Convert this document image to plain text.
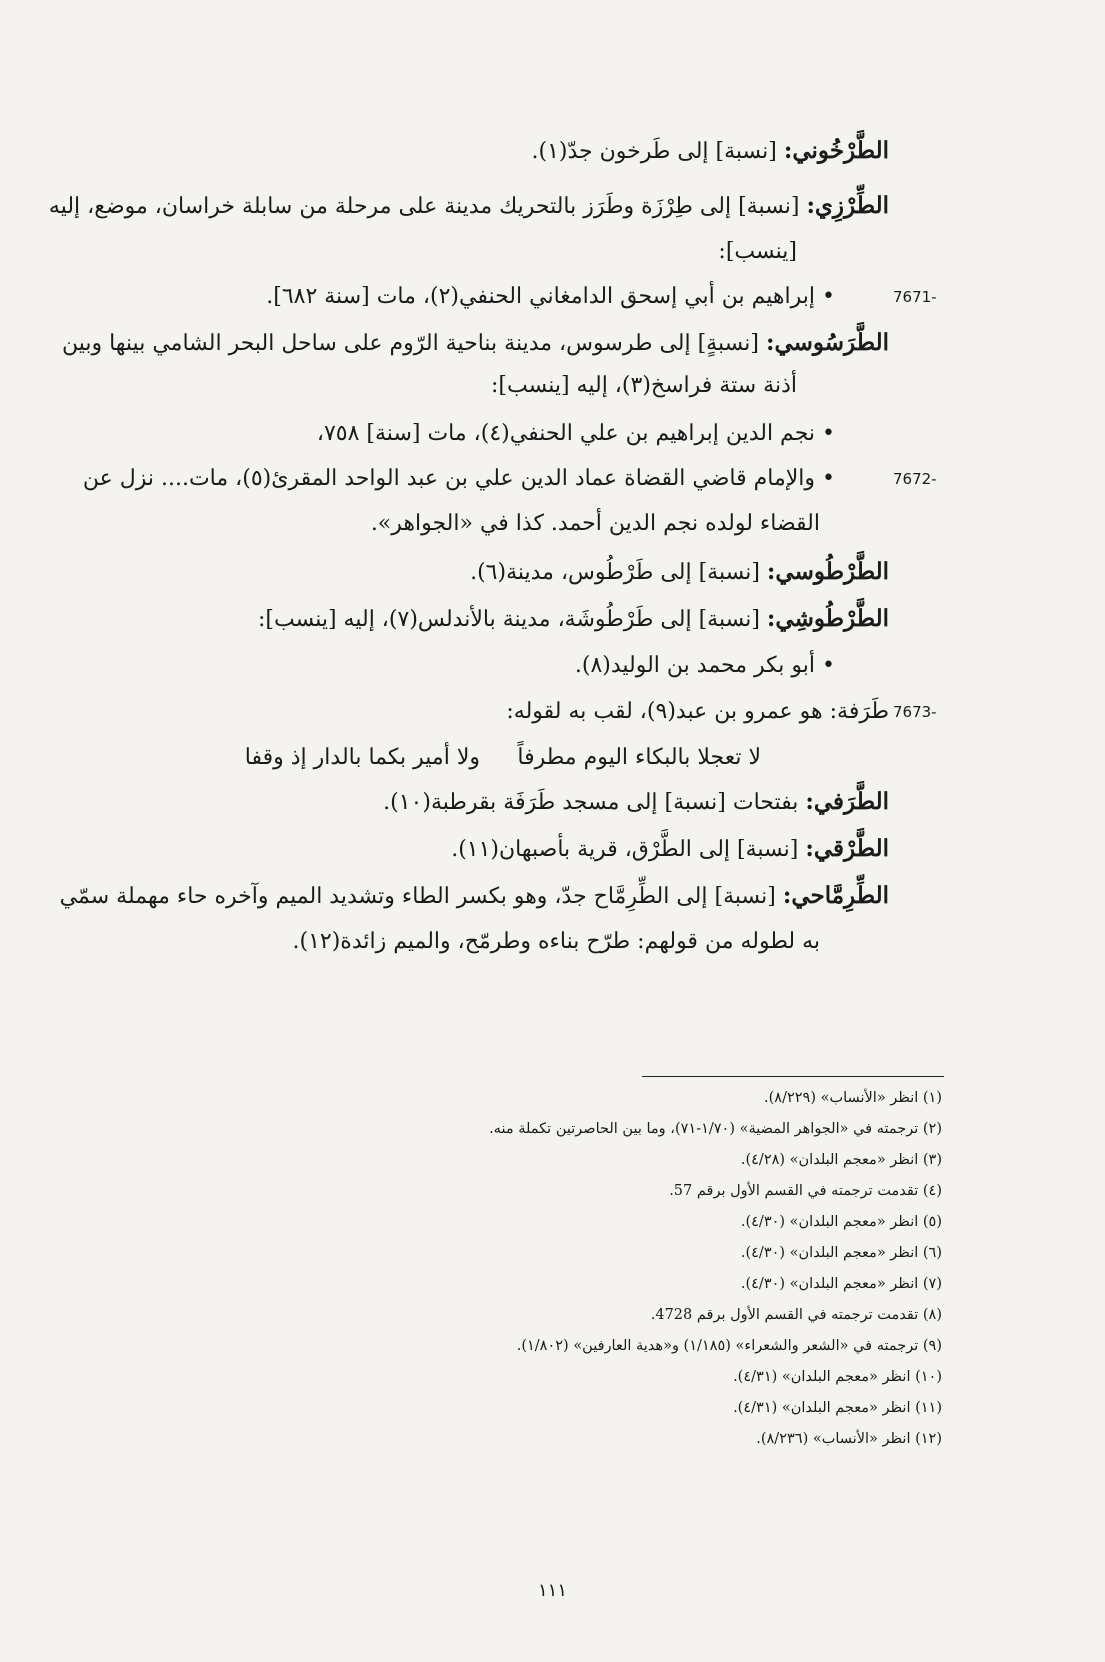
الطَّرْخُوني: [نسبة] إلى طَرخون جدّ(١).
الطِّرْزِي: [نسبة] إلى طِرْزَة وطَرَز بالتحريك مدينة على مرحلة من سابلة خراسان، موضع، إليه
[ينسب]:
7671-
• إبراهيم بن أبي إسحق الدامغاني الحنفي(٢)، مات [سنة ٦٨٢].
الطَّرَسُوسي: [نسبةٍ] إلى طرسوس، مدينة بناحية الرّوم على ساحل البحر الشامي بينها وبين
أذنة ستة فراسخ(٣)، إليه [ينسب]:
• نجم الدين إبراهيم بن علي الحنفي(٤)، مات [سنة] ٧٥٨،
7672-
• والإمام قاضي القضاة عماد الدين علي بن عبد الواحد المقرئ(٥)، مات.... نزل عن
القضاء لولده نجم الدين أحمد. كذا في «الجواهر».
الطَّرْطُوسي: [نسبة] إلى طَرْطُوس، مدينة(٦).
الطَّرْطُوشِي: [نسبة] إلى طَرْطُوشَة، مدينة بالأندلس(٧)، إليه [ينسب]:
• أبو بكر محمد بن الوليد(٨).
7673-
طَرَفة: هو عمرو بن عبد(٩)، لقب به لقوله:
لا تعجلا بالبكاء اليوم مطرفاً
ولا أمير بكما بالدار إذ وقفا
الطَّرَفي: بفتحات [نسبة] إلى مسجد طَرَفَة بقرطبة(١٠).
الطَّرْقي: [نسبة] إلى الطَّرْق، قرية بأصبهان(١١).
الطِّرِمَّاحي: [نسبة] إلى الطِّرِمَّاح جدّ، وهو بكسر الطاء وتشديد الميم وآخره حاء مهملة سمّي
به لطوله من قولهم: طرّح بناءه وطرمّح، والميم زائدة(١٢).
(١) انظر «الأنساب» (٨/٢٢٩).
(٢) ترجمته في «الجواهر المضية» (١/٧٠-٧١)، وما بين الحاصرتين تكملة منه.
(٣) انظر «معجم البلدان» (٤/٢٨).
(٤) تقدمت ترجمته في القسم الأول برقم 57.
(٥) انظر «معجم البلدان» (٤/٣٠).
(٦) انظر «معجم البلدان» (٤/٣٠).
(٧) انظر «معجم البلدان» (٤/٣٠).
(٨) تقدمت ترجمته في القسم الأول برقم 4728.
(٩) ترجمته في «الشعر والشعراء» (١/١٨٥) و«هدية العارفين» (١/٨٠٢).
(١٠) انظر «معجم البلدان» (٤/٣١).
(١١) انظر «معجم البلدان» (٤/٣١).
(١٢) انظر «الأنساب» (٨/٢٣٦).
١١١
